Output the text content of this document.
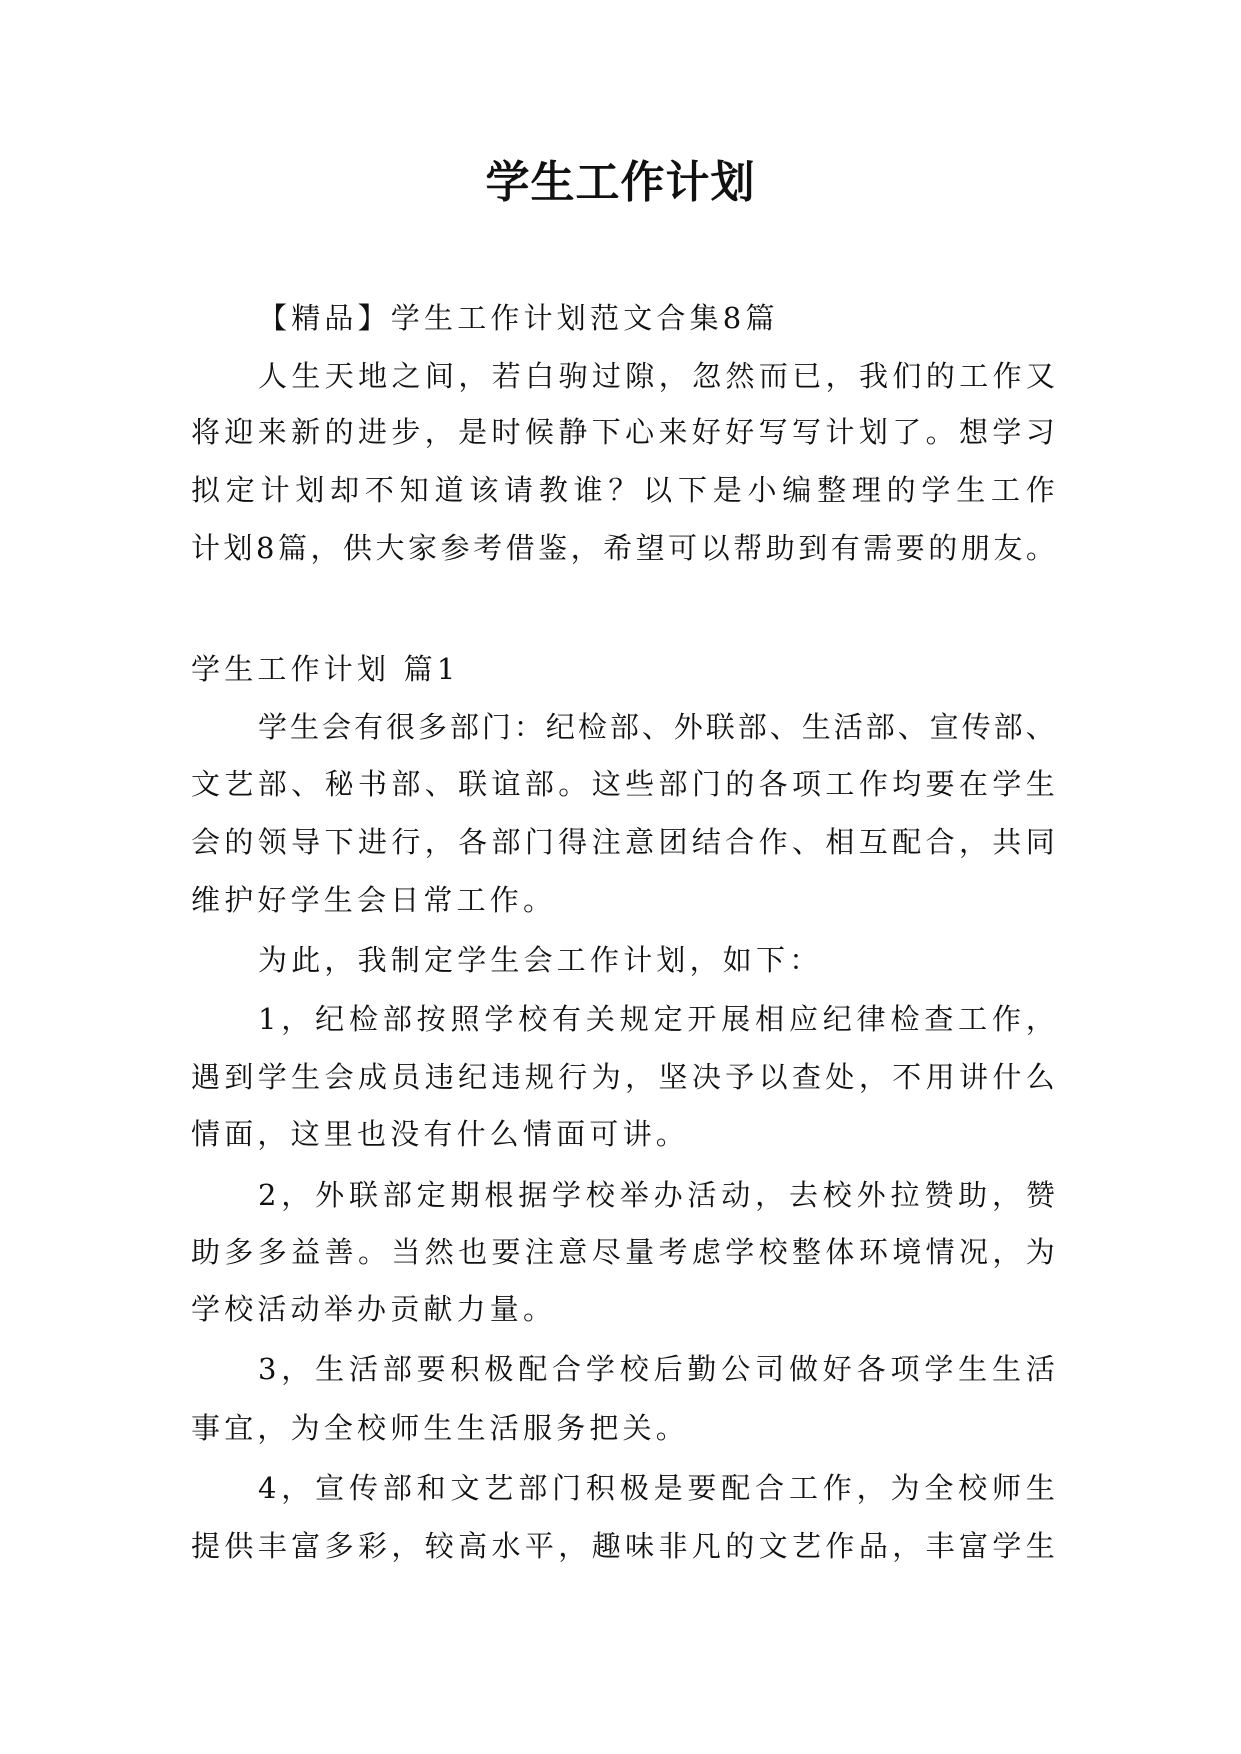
学生工作计划
【精品】学生工作计划范文合集8篇
人 生 天 地 之 间 ， 若 白 驹 过 隙 ， 忽 然 而 已 ， 我 们 的 工 作 又
将 迎 来 新 的 进 步 ， 是 时 候 静 下 心 来 好 好 写 写 计 划 了 。 想 学 习
拟 定 计 划 却 不 知 道 该 请 教 谁 ？ 以 下 是 小 编 整 理 的 学 生 工 作
计 划 8 篇 ， 供 大 家 参 考 借 鉴 ， 希 望 可 以 帮 助 到 有 需 要 的 朋 友 。
学生工作计划 篇1
学 生 会 有 很 多 部 门 ： 纪 检 部 、 外 联 部 、 生 活 部 、 宣 传 部 、
文 艺 部 、 秘 书 部 、 联 谊 部 。 这 些 部 门 的 各 项 工 作 均 要 在 学 生
会 的 领 导 下 进 行 ， 各 部 门 得 注 意 团 结 合 作 、 相 互 配 合 ， 共 同
维护好学生会日常工作。
为此，我制定学生会工作计划，如下：
1 ， 纪 检 部 按 照 学 校 有 关 规 定 开 展 相 应 纪 律 检 查 工 作 ，
遇 到 学 生 会 成 员 违 纪 违 规 行 为 ， 坚 决 予 以 查 处 ， 不 用 讲 什 么
情面，这里也没有什么情面可讲。
2 ， 外 联 部 定 期 根 据 学 校 举 办 活 动 ， 去 校 外 拉 赞 助 ， 赞
助 多 多 益 善 。 当 然 也 要 注 意 尽 量 考 虑 学 校 整 体 环 境 情 况 ， 为
学校活动举办贡献力量。
3 ， 生 活 部 要 积 极 配 合 学 校 后 勤 公 司 做 好 各 项 学 生 生 活
事宜，为全校师生生活服务把关。
4 ， 宣 传 部 和 文 艺 部 门 积 极 是 要 配 合 工 作 ， 为 全 校 师 生
提 供 丰 富 多 彩 ， 较 高 水 平 ， 趣 味 非 凡 的 文 艺 作 品 ， 丰 富 学 生
